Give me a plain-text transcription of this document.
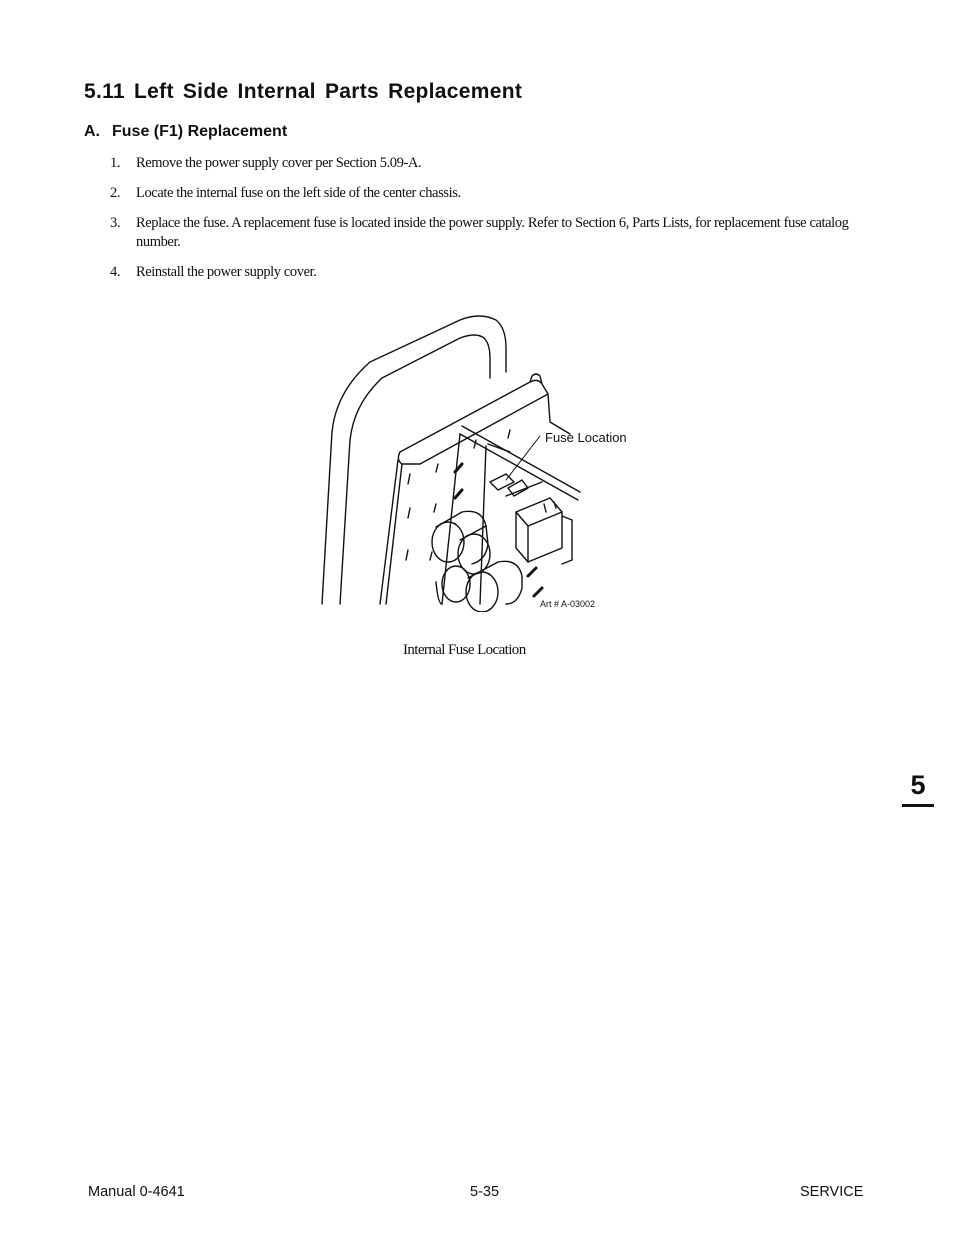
5.11 Left Side Internal Parts Replacement
A. Fuse (F1) Replacement
1.	Remove the power supply cover per Section 5.09-A.
2.	Locate the internal fuse on the left side of the center chassis.
3.	Replace the fuse. A replacement fuse is located inside the power supply. Refer to Section 6, Parts Lists, for replacement fuse catalog number.
4.	Reinstall the power supply cover.
Fuse Location
Art # A-03002
Internal Fuse Location
5
Manual 0-4641	5-35	SERVICE
